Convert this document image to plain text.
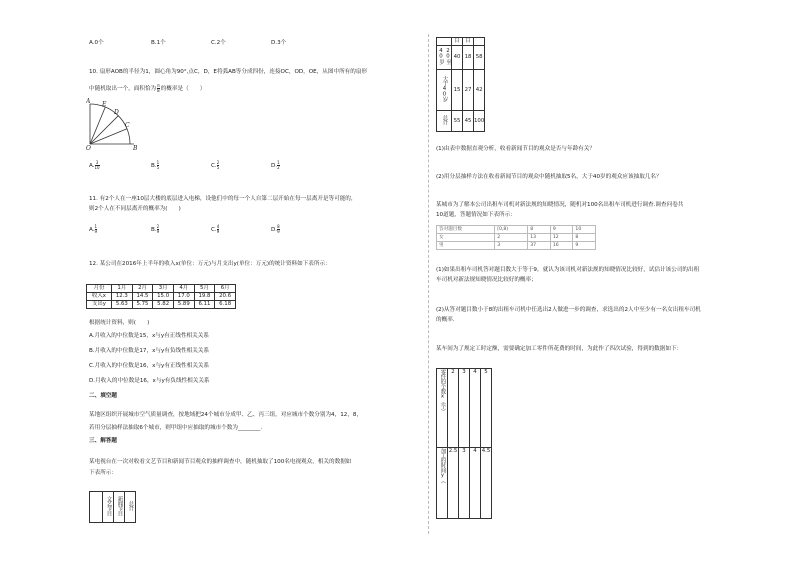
A.0个	B.1个	C.2个	D.3个
10. 扇形AOB的半径为1，圆心角为90°,点C，D，E将弧AB等分成四份，连接OC，OD，OE，从图中所有的扇形
中随机取出一个，面积恰为 $\frac{\pi}{8}$ 的概率是（　　）
A E
D
C
O	B
A. $\frac{3}{10}$	B. $\frac{1}{5}$	C. $\frac{2}{5}$	D. $\frac{1}{2}$
11. 有2个人在一座10层大楼的底层进入电梯，设他们中的每一个人自第二层开始在每一层离开是等可能的，
则2个人在不同层离开的概率为(　　)
A. $\frac{1}{9}$	B. $\frac{2}{9}$	C. $\frac{4}{9}$	D. $\frac{8}{9}$
12. 某公司在2016年上半年的收入x(单位：万元)与月支出y(单位：万元)的统计资料如下表所示：
月份	1月	2月	3月	4月	5月	6月
收入x	12.3	14.5	15.0	17.0	19.8	20.6
支出y	5.63	5.75	5.82	5.89	6.11	6.18
根据统计资料，则(　　)
A.月收入的中位数是15，x与y有正线性相关关系
B.月收入的中位数是17，x与y有负线性相关关系
C.月收入的中位数是16，x与y有正线性相关关系
D.月收入的中位数是16，x与y有负线性相关关系
二、填空题
某地区组织开展城市空气质量调查，按地域把24个城市分成甲、乙、丙三组，对应城市个数分别为4，12，8，
若用分层抽样法抽取6个城市，则甲组中应抽取的城市个数为________.
三、解答题
某电视台在一次对收看文艺节目和新闻节目观众的抽样调查中，随机抽取了100名电视观众，相关的数据如
下表所示：
	文艺节目	新闻节目	总计
	目	目	
20至40岁	40	18	58
大于40岁	15	27	42
总计	55	45	100
(1)由表中数据直观分析，收看新闻节目的观众是否与年龄有关？
(2)用分层抽样方法在收看新闻节目的观众中随机抽取5名，大于40岁的观众应该抽取几名？
某城市为了解本公司出租车司机对新法规的知晓情况，随机对100名出租车司机进行调查.调查问卷共
10道题，答题情况如下表所示：
答对题目数	[0,8)	8	9	10
女	2	13	12	8
男	3	37	16	9
(1)如果出租车司机答对题目数大于等于9，就认为该司机对新法规的知晓情况比较好，试估计该公司的出租
车司机对新法规知晓情况比较好的概率；
(2)从答对题目数小于8的出租车司机中任选出2人做进一步的调查，求选出的2人中至少有一名女出租车司机
的概率.
某车间为了规定工时定额，需要确定加工零件所花费的时间，为此作了四次试验，得到的数据如下：
零件的个数x（个）	2	3	4	5
加工的时间y（	2.5	3	4	4.5
